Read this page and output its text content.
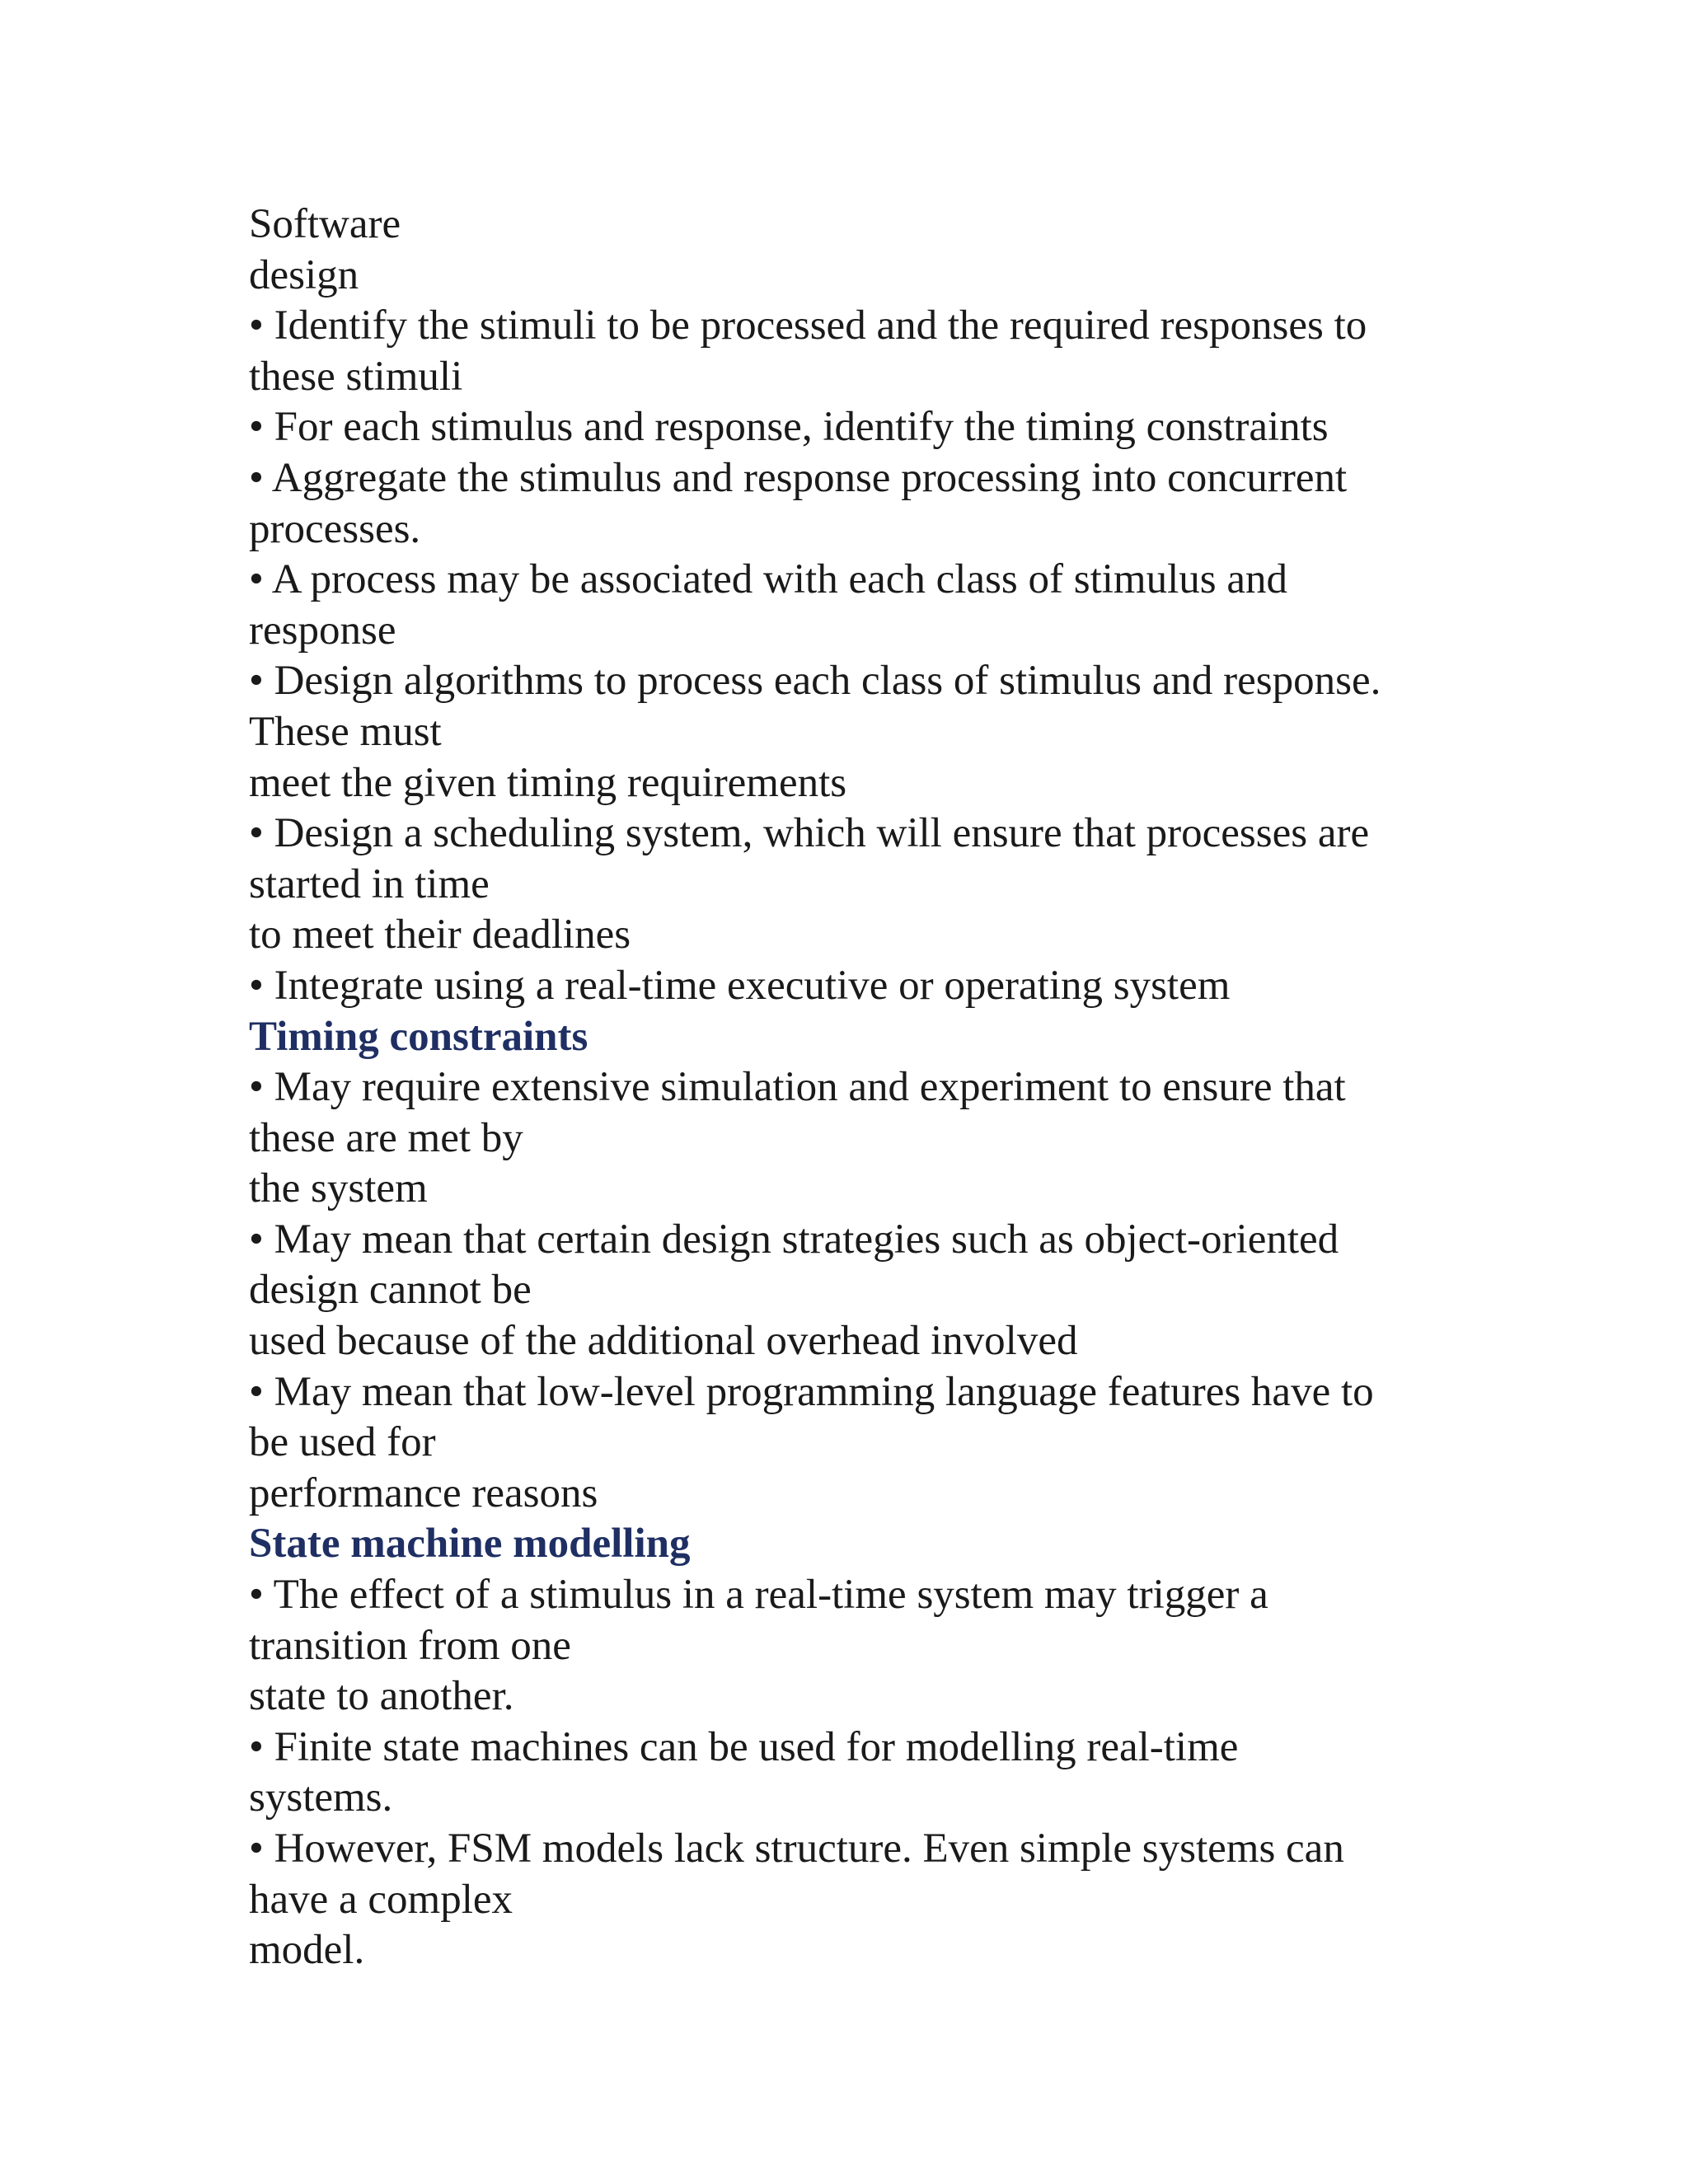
Software
design
• Identify the stimuli to be processed and the required responses to
these stimuli
• For each stimulus and response, identify the timing constraints
• Aggregate the stimulus and response processing into concurrent
processes.
• A process may be associated with each class of stimulus and
response
• Design algorithms to process each class of stimulus and response.
These must
meet the given timing requirements
• Design a scheduling system, which will ensure that processes are
started in time
to meet their deadlines
• Integrate using a real-time executive or operating system
Timing constraints
• May require extensive simulation and experiment to ensure that
these are met by
the system
• May mean that certain design strategies such as object-oriented
design cannot be
used because of the additional overhead involved
• May mean that low-level programming language features have to
be used for
performance reasons
State machine modelling
• The effect of a stimulus in a real-time system may trigger a
transition from one
state to another.
• Finite state machines can be used for modelling real-time
systems.
• However, FSM models lack structure. Even simple systems can
have a complex
model.
